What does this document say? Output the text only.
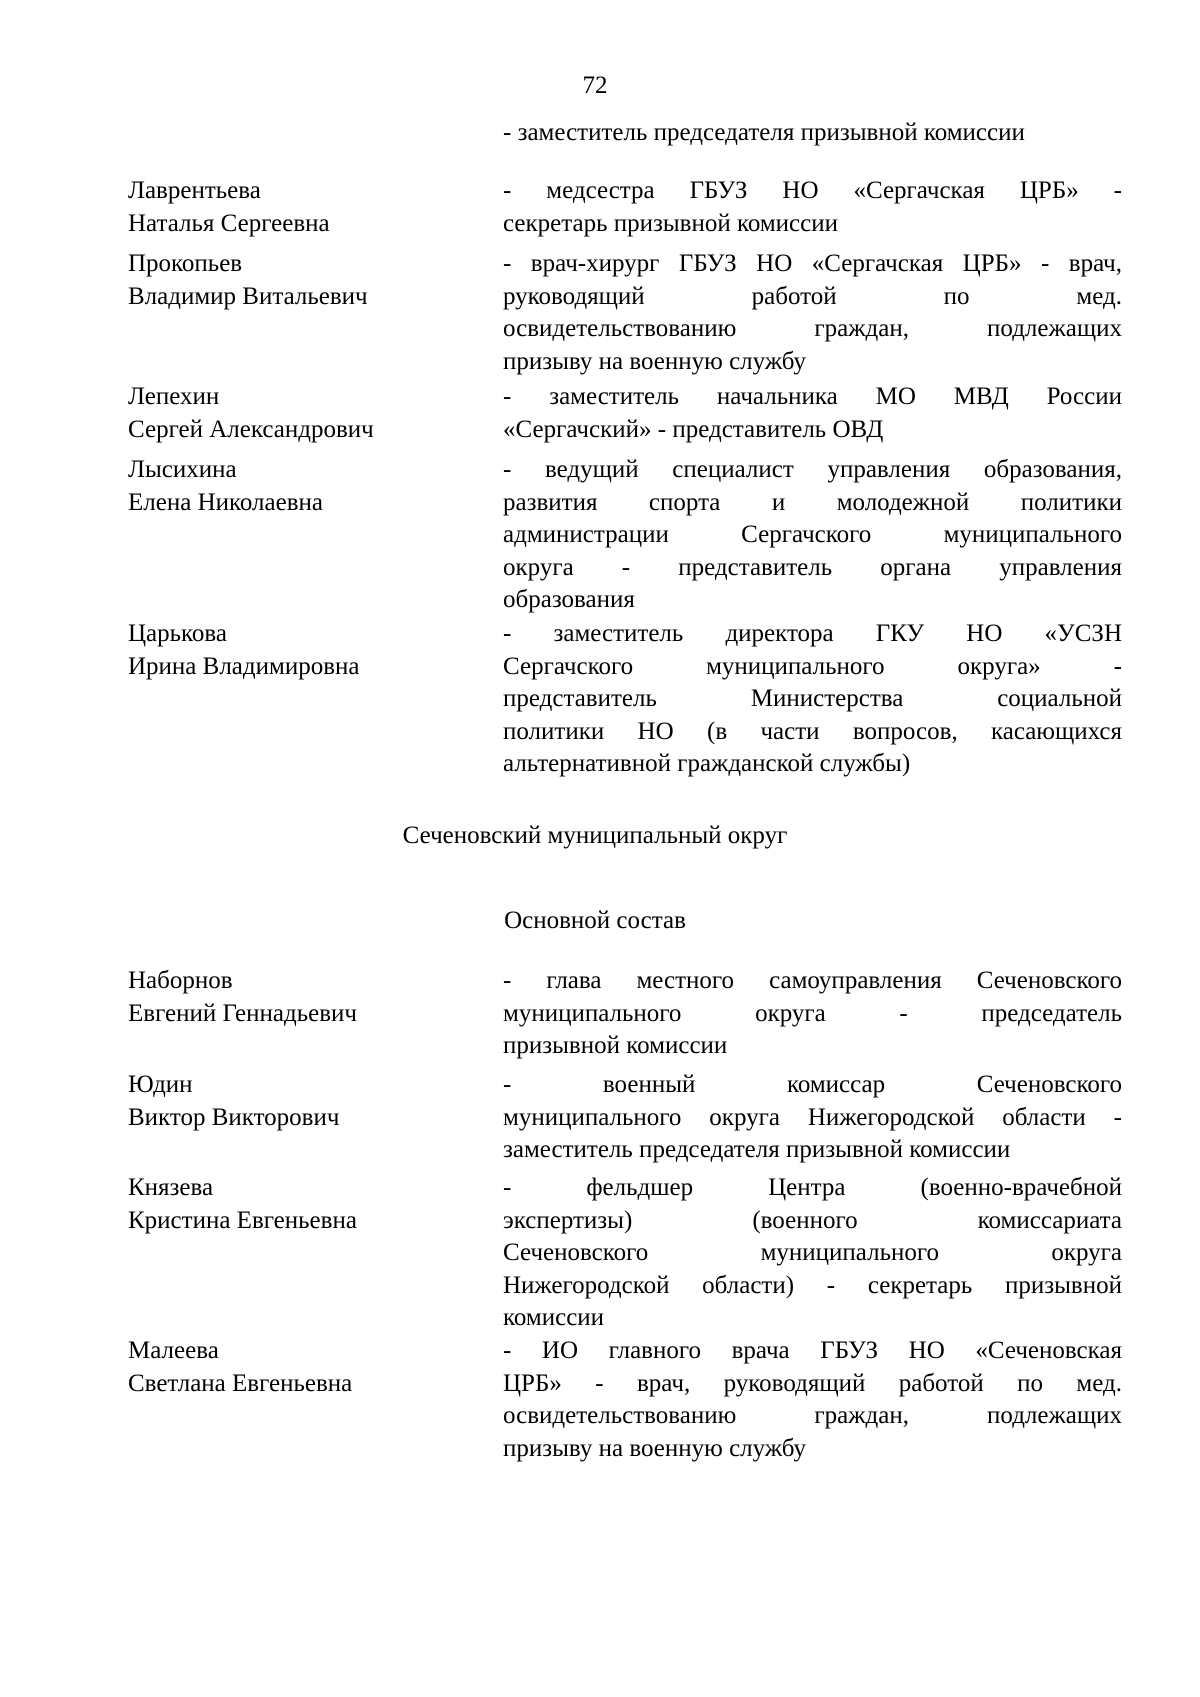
72
- заместитель председателя призывной комиссии
Лаврентьева
Наталья Сергеевна
- медсестра ГБУЗ НО «Сергачская ЦРБ» -
секретарь призывной комиссии
Прокопьев
Владимир Витальевич
- врач-хирург ГБУЗ НО «Сергачская ЦРБ» - врач,
руководящий работой по мед.
освидетельствованию граждан, подлежащих
призыву на военную службу
Лепехин
Сергей Александрович
- заместитель начальника МО МВД России
«Сергачский» - представитель ОВД
Лысихина
Елена Николаевна
- ведущий специалист управления образования,
развития спорта и молодежной политики
администрации Сергачского муниципального
округа - представитель органа управления
образования
Царькова
Ирина Владимировна
- заместитель директора ГКУ НО «УСЗН
Сергачского муниципального округа» -
представитель Министерства социальной
политики НО (в части вопросов, касающихся
альтернативной гражданской службы)
Сеченовский муниципальный округ
Основной состав
Наборнов
Евгений Геннадьевич
- глава местного самоуправления Сеченовского
муниципального округа - председатель
призывной комиссии
Юдин
Виктор Викторович
- военный комиссар Сеченовского
муниципального округа Нижегородской области -
заместитель председателя призывной комиссии
Князева
Кристина Евгеньевна
- фельдшер Центра (военно-врачебной
экспертизы) (военного комиссариата
Сеченовского муниципального округа
Нижегородской области) - секретарь призывной
комиссии
Малеева
Светлана Евгеньевна
- ИО главного врача ГБУЗ НО «Сеченовская
ЦРБ» - врач, руководящий работой по мед.
освидетельствованию граждан, подлежащих
призыву на военную службу
